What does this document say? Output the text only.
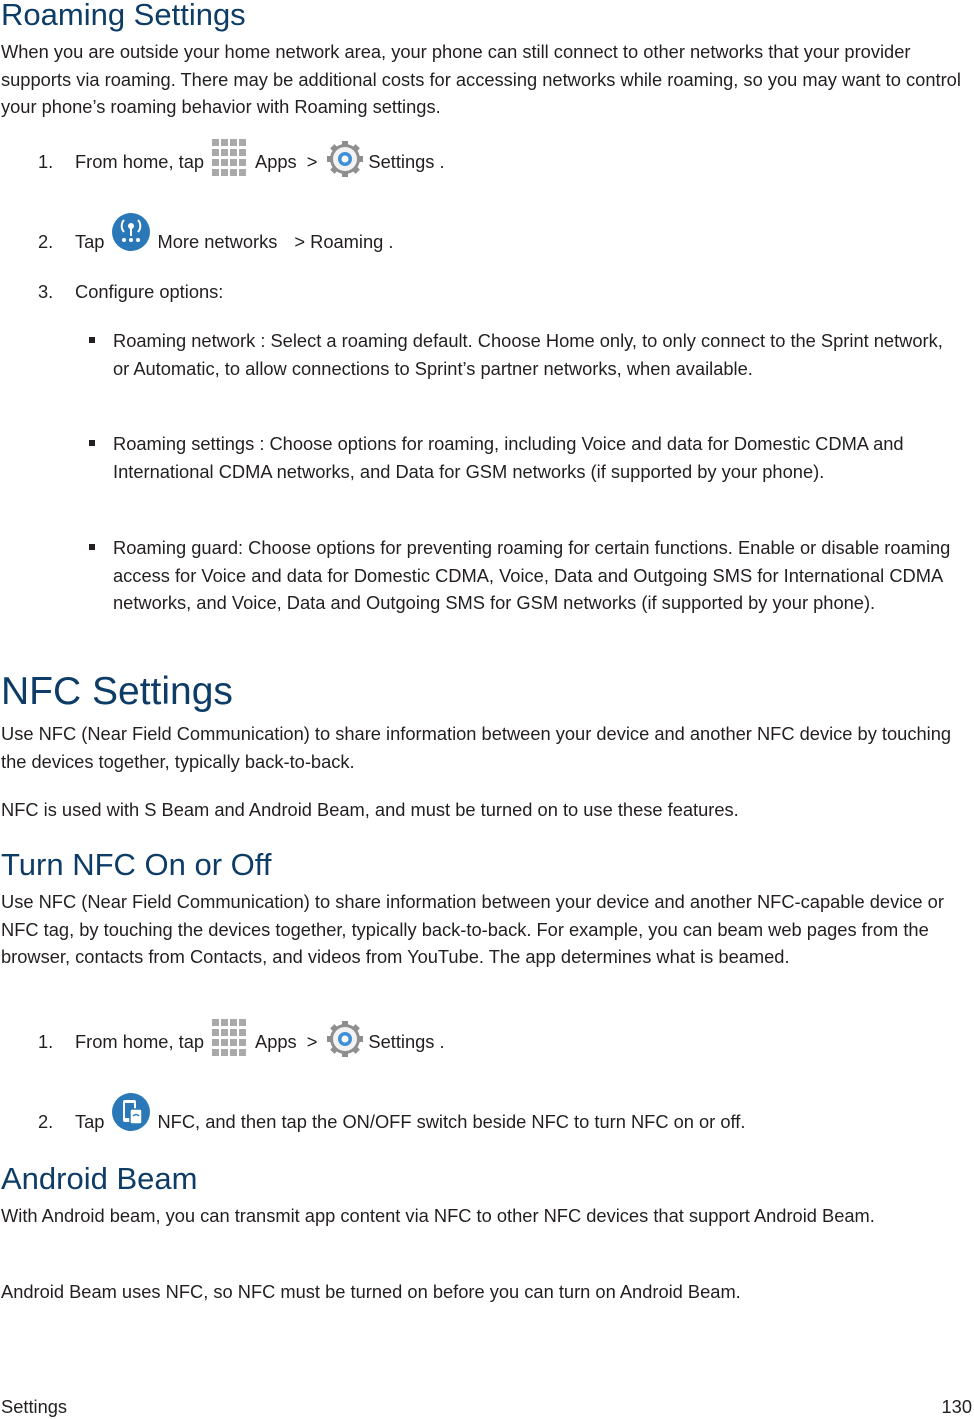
Roaming Settings

When you are outside your home network area, your phone can still connect to other networks that your provider supports via roaming. There may be additional costs for accessing networks while roaming, so you may want to control your phone’s roaming behavior with Roaming settings.

1.	From home, tap	Apps >	Settings .
2.	Tap	More networks > Roaming .
3.	Configure options:
Roaming network : Select a roaming default. Choose Home only, to only connect to the Sprint network, or Automatic, to allow connections to Sprint’s partner networks, when available.
Roaming settings : Choose options for roaming, including Voice and data for Domestic CDMA and International CDMA networks, and Data for GSM networks (if supported by your phone).
Roaming guard: Choose options for preventing roaming for certain functions. Enable or disable roaming access for Voice and data for Domestic CDMA, Voice, Data and Outgoing SMS for International CDMA networks, and Voice, Data and Outgoing SMS for GSM networks (if supported by your phone).
NFC Settings

Use NFC (Near Field Communication) to share information between your device and another NFC device by touching the devices together, typically back-to-back.

NFC is used with S Beam and Android Beam, and must be turned on to use these features.

Turn NFC On or Off

Use NFC (Near Field Communication) to share information between your device and another NFC-capable device or NFC tag, by touching the devices together, typically back-to-back. For example, you can beam web pages from the browser, contacts from Contacts, and videos from YouTube. The app determines what is beamed.

1.	From home, tap	Apps >	Settings .
2.	Tap	NFC, and then tap the ON/OFF switch beside NFC to turn NFC on or off.
Android Beam

With Android beam, you can transmit app content via NFC to other NFC devices that support Android Beam.

Android Beam uses NFC, so NFC must be turned on before you can turn on Android Beam.

Settings	130
